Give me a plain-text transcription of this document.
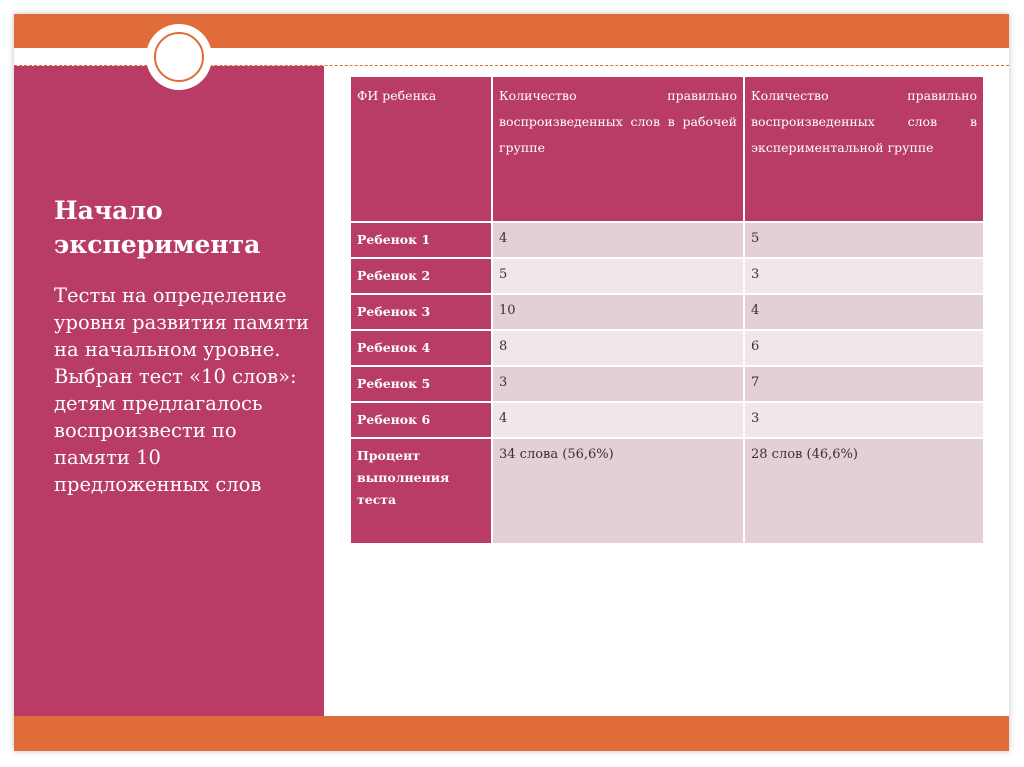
Начало эксперимента
Тесты на определение уровня развития памяти на начальном уровне. Выбран тест «10 слов»: детям предлагалось воспроизвести по памяти 10 предложенных слов
ФИ ребенка	Количество правильно воспроизведенных слов в рабочей группе	Количество правильно воспроизведенных слов в экспериментальной группе
Ребенок 1	4	5
Ребенок 2	5	3
Ребенок 3	10	4
Ребенок 4	8	6
Ребенок 5	3	7
Ребенок 6	4	3
Процент выполнения теста	34 слова (56,6%)	28 слов (46,6%)
